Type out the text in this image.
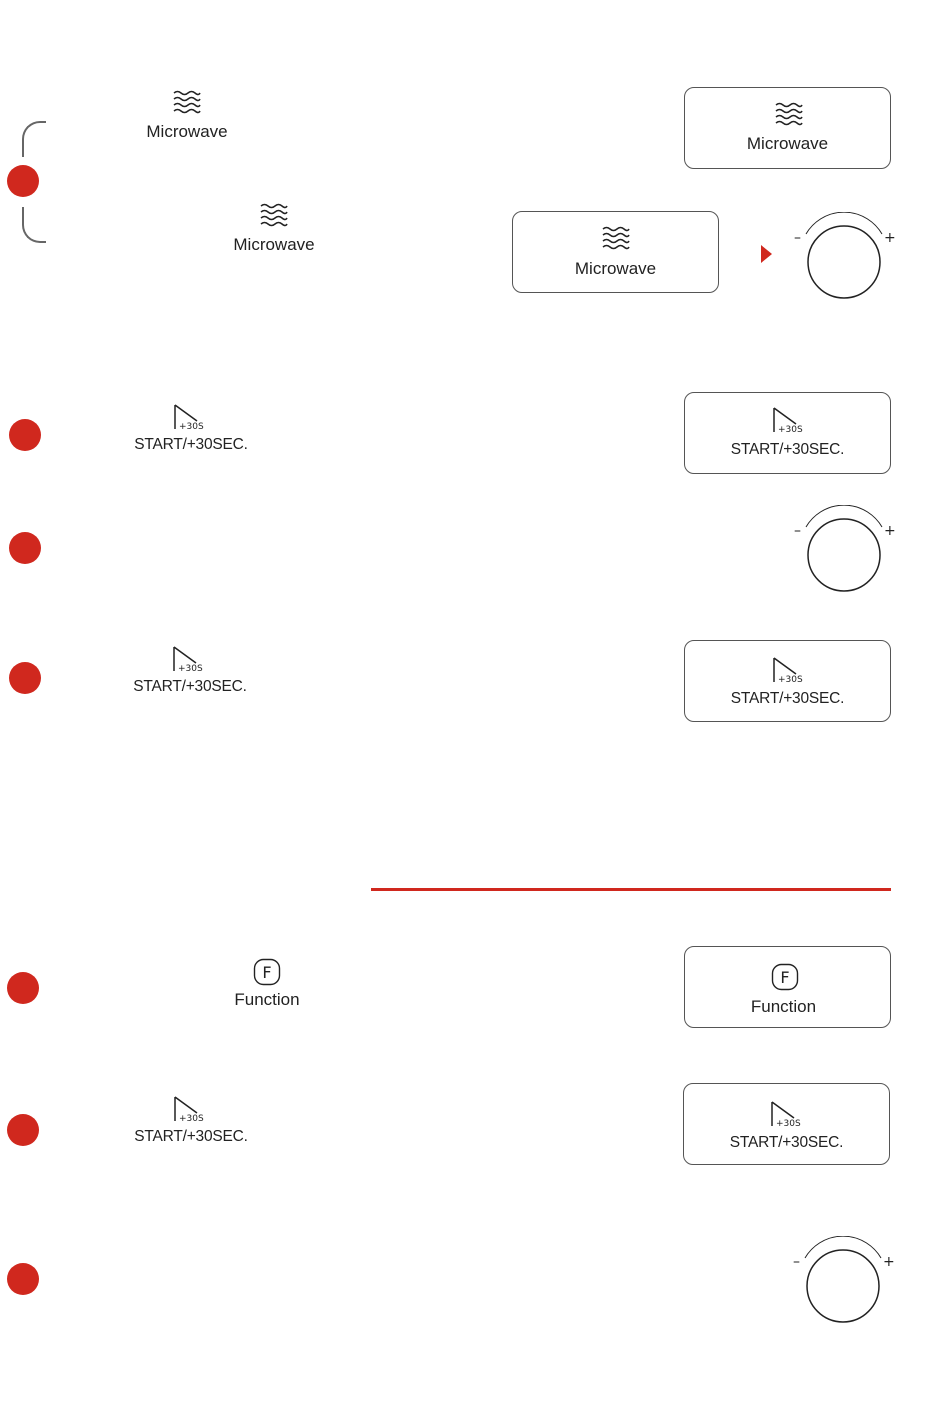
Microwave
Microwave
Microwave
Microwave
–	+
+30S
START/+30SEC.
+30S
START/+30SEC.
–	+
+30S
START/+30SEC.	+30S
START/+30SEC.
F
Function
F
Function
+30S
START/+30SEC.
+30S
START/+30SEC.
–	+
